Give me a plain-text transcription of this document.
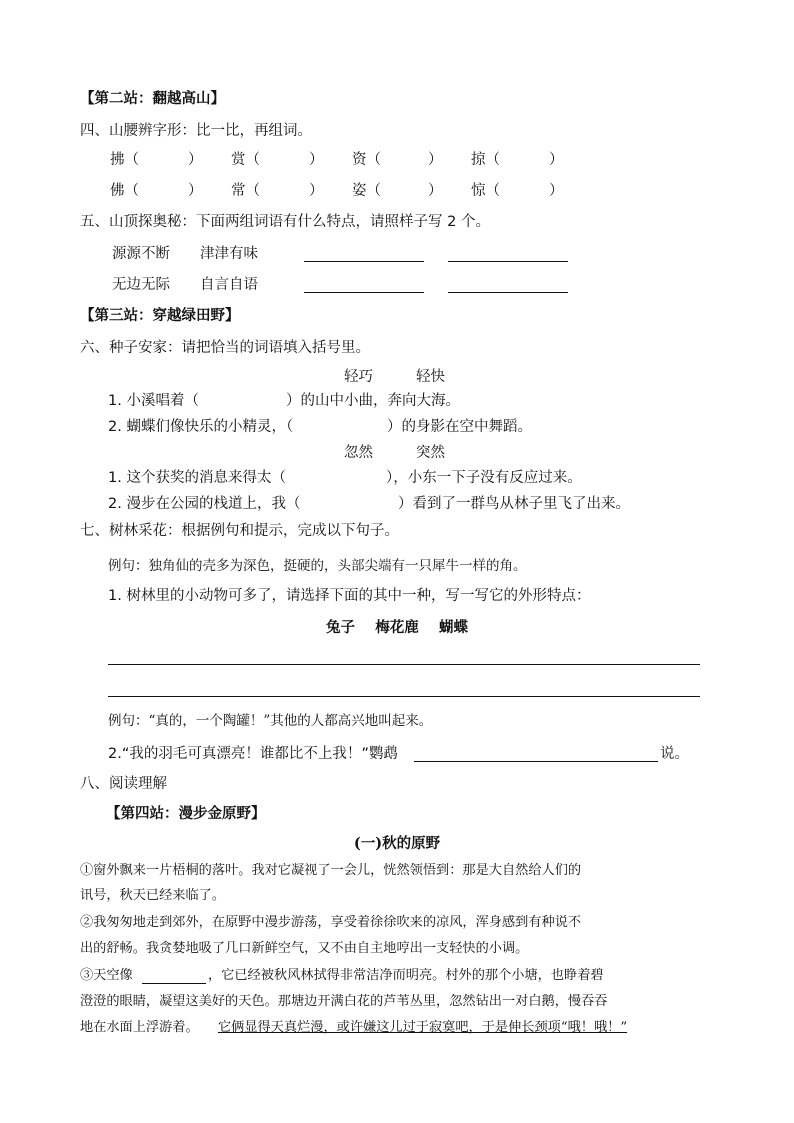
【第二站：翻越高山】
四、山腰辨字形：比一比，再组词。
拂（	） 赏（	） 资（	） 掠（	）
佛（	） 常（	） 姿（	） 惊（	）
五、山顶探奥秘：下面两组词语有什么特点，请照样子写 2 个。
源源不断 津津有味
无边无际 自言自语
【第三站：穿越绿田野】
六、种子安家：请把恰当的词语填入括号里。
轻巧	轻快
1. 小溪唱着（	）的山中小曲，奔向大海。
2. 蝴蝶们像快乐的小精灵，（	）的身影在空中舞蹈。
忽然	突然
1. 这个获奖的消息来得太（	），小东一下子没有反应过来。
2. 漫步在公园的栈道上，我（	）看到了一群鸟从林子里飞了出来。
七、树林采花：根据例句和提示，完成以下句子。
例句：独角仙的壳多为深色，挺硬的，头部尖端有一只犀牛一样的角。
1. 树林里的小动物可多了，请选择下面的其中一种，写一写它的外形特点：
兔子 梅花鹿 蝴蝶
例句：“真的，一个陶罐！”其他的人都高兴地叫起来。
2.“我的羽毛可真漂亮！谁都比不上我！”鹦鹉	说。
八、阅读理解
【第四站：漫步金原野】
(一)秋的原野
①窗外飘来一片梧桐的落叶。我对它凝视了一会儿，恍然领悟到：那是大自然给人们的
讯号，秋天已经来临了。
②我匆匆地走到郊外，在原野中漫步游荡，享受着徐徐吹来的凉风，浑身感到有种说不
出的舒畅。我贪婪地吸了几口新鲜空气，又不由自主地哼出一支轻快的小调。
③天空像	，它已经被秋风林拭得非常洁净而明亮。村外的那个小塘，也睁着碧
澄澄的眼睛，凝望这美好的天色。那塘边开满白花的芦苇丛里，忽然钻出一对白鹅，慢吞吞
地在水面上浮游着。 它俩显得天真烂漫，或许嫌这儿过于寂寞吧，于是伸长颈项“哦！哦！”
